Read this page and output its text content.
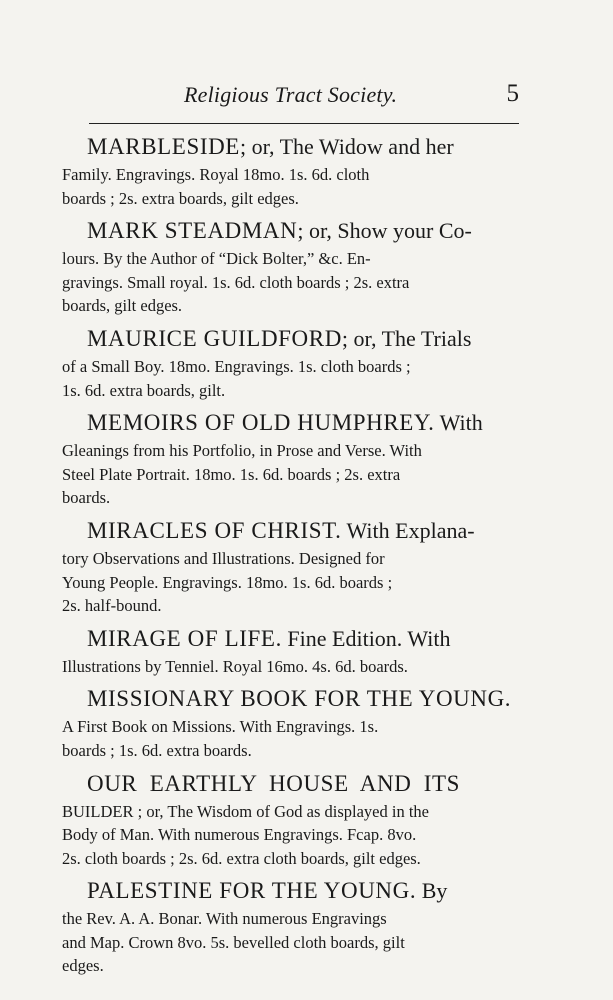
Religious Tract Society.	5

MARBLESIDE; or, The Widow and her

Family. Engravings. Royal 18mo. 1s. 6d. cloth

boards ; 2s. extra boards, gilt edges.

MARK STEADMAN; or, Show your Co-

lours. By the Author of “Dick Bolter,” &c. En-

gravings. Small royal. 1s. 6d. cloth boards ; 2s. extra

boards, gilt edges.

MAURICE GUILDFORD; or, The Trials

of a Small Boy. 18mo. Engravings. 1s. cloth boards ;

1s. 6d. extra boards, gilt.

MEMOIRS OF OLD HUMPHREY. With

Gleanings from his Portfolio, in Prose and Verse. With

Steel Plate Portrait. 18mo. 1s. 6d. boards ; 2s. extra

boards.

MIRACLES OF CHRIST. With Explana-

tory Observations and Illustrations. Designed for

Young People. Engravings. 18mo. 1s. 6d. boards ;

2s. half-bound.

MIRAGE OF LIFE. Fine Edition. With

Illustrations by Tenniel. Royal 16mo. 4s. 6d. boards.

MISSIONARY BOOK FOR THE YOUNG.

A First Book on Missions. With Engravings. 1s.

boards ; 1s. 6d. extra boards.

OUR EARTHLY HOUSE AND ITS

BUILDER ; or, The Wisdom of God as displayed in the

Body of Man. With numerous Engravings. Fcap. 8vo.

2s. cloth boards ; 2s. 6d. extra cloth boards, gilt edges.

PALESTINE FOR THE YOUNG. By

the Rev. A. A. Bonar. With numerous Engravings

and Map. Crown 8vo. 5s. bevelled cloth boards, gilt

edges.
